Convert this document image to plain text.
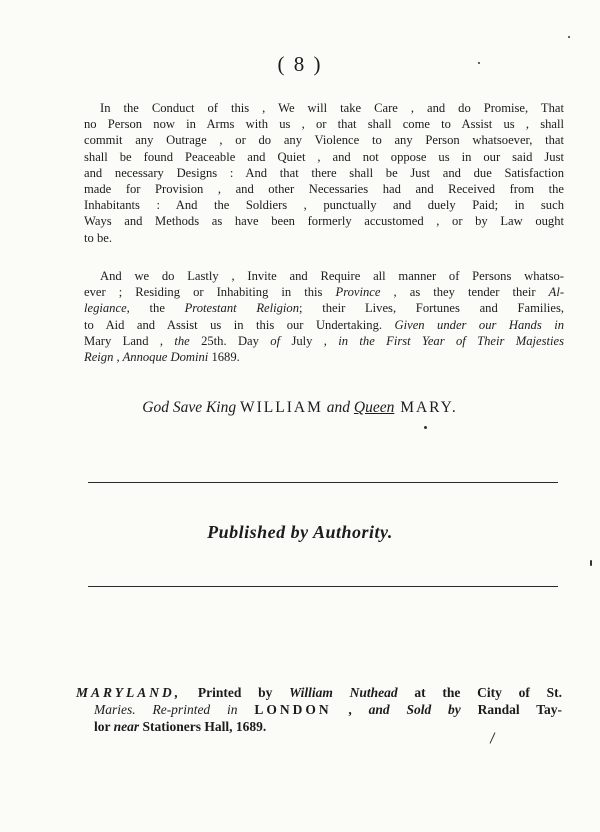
( 8 )
In the Conduct of this , We will take Care , and do Promise, That
no Person now in Arms with us , or that shall come to Assist us , shall
commit any Outrage , or do any Violence to any Person whatsoever, that
shall be found Peaceable and Quiet , and not oppose us in our said Just
and necessary Designs : And that there shall be Just and due Satisfaction
made for Provision , and other Necessaries had and Received from the
Inhabitants : And the Soldiers , punctually and duely Paid; in such
Ways and Methods as have been formerly accustomed , or by Law ought
to be.
And we do Lastly , Invite and Require all manner of Persons whatso-
ever ; Residing or Inhabiting in this Province , as they tender their Al-
legiance, the Protestant Religion; their Lives, Fortunes and Families,
to Aid and Assist us in this our Undertaking. Given under our Hands in
Mary Land , the 25th. Day of July , in the First Year of Their Majesties
Reign , Annoque Domini 1689.
God Save King WILLIAM and Queen MARY.
Published by Authority.
MARYLAND, Printed by William Nuthead at the City of St.
Maries. Re-printed in LONDON , and Sold by Randal Tay-
lor near Stationers Hall, 1689.
